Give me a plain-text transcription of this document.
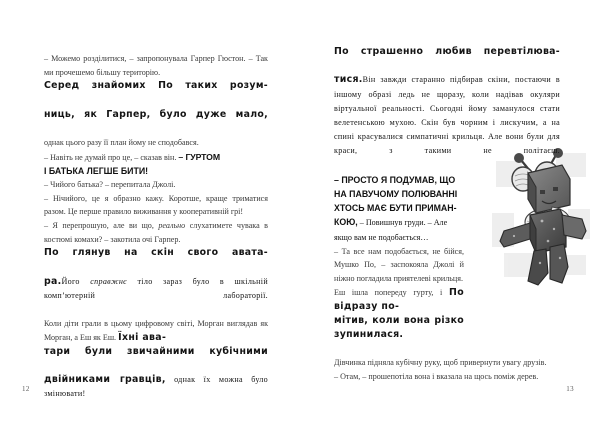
– Можемо розділитися, – запропонувала Гарпер Гюстон. – Так ми прочешемо більшу територію.

Серед знайомих По таких розум-
ниць, як Гарпер, було дуже мало,

однак цього разу її план йому не сподобався.

– Навіть не думай про це, – сказав він. – ГУРТОМ

І БАТЬКА ЛЕГШЕ БИТИ!

– Чийого батька? – перепитала Джолі.

– Нічийого, це я образно кажу. Коротше, краще триматися разом. Це перше правило виживання у кооперативній грі!

– Я перепрошую, але ви що, реально слухатимете чувака в костюмі комахи? – закотила очі Гарпер.

По глянув на скін свого авата-
ра.Його справжнє тіло зараз було в шкільній комп’ютерній лабораторії.

Коли діти грали в цьому цифровому світі, Морган виглядав як Морган, а Еш як Еш. Їхні ава-

тари були звичайними кубічними
двійниками гравців, однак їх можна було змінювати!

12

По страшенно любив перевтілюва-
тися.Він завжди старанно підбирав скіни, постаючи в іншому образі ледь не щоразу, коли надівав окуляри віртуальної реальності. Сьогодні йому заманулося стати велетенською мухою. Скін був чорним і лискучим, а на спині красувалися симпатичні крильця. Але вони були для краси, з такими не політаєш.

– ПРОСТО Я ПОДУМАВ, ЩО
НА ПАВУЧОМУ ПОЛЮВАННІ
ХТОСЬ МАЄ БУТИ ПРИМАН-
КОЮ, – Повишнув груди. – Але якщо вам не подобається…

– Та все нам подобається, не бійся, Мушко По, – заспокояла Джолі й ніжно погладила приятелеві крильця.

Еш ішла попереду гурту, і По відразу по-

мітив, коли вона різко зупинилася.

Дівчинка підняла кубічну руку, щоб привернути увагу друзів.

– Отам, – прошепотіла вона і вказала на щось поміж дерев.

13
